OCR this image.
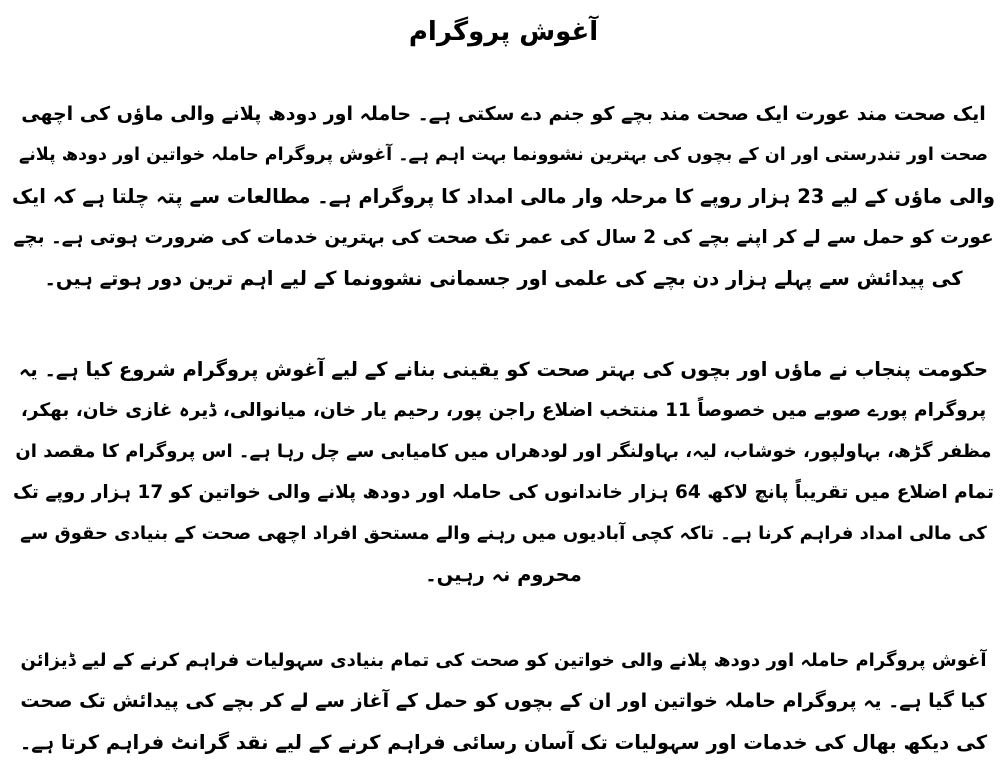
آغوش پروگرام
ایک صحت مند عورت ایک صحت مند بچے کو جنم دے سکتی ہے۔ حاملہ اور دودھ پلانے والی ماؤں کی اچھی
صحت اور تندرستی اور ان کے بچوں کی بہترین نشوونما بہت اہم ہے۔ آغوش پروگرام حاملہ خواتین اور دودھ پلانے
والی ماؤں کے لیے 23 ہزار روپے کا مرحلہ وار مالی امداد کا پروگرام ہے۔ مطالعات سے پتہ چلتا ہے کہ ایک
عورت کو حمل سے لے کر اپنے بچے کی 2 سال کی عمر تک صحت کی بہترین خدمات کی ضرورت ہوتی ہے۔ بچے
کی پیدائش سے پہلے ہزار دن بچے کی علمی اور جسمانی نشوونما کے لیے اہم ترین دور ہوتے ہیں۔
حکومت پنجاب نے ماؤں اور بچوں کی بہتر صحت کو یقینی بنانے کے لیے آغوش پروگرام شروع کیا ہے۔ یہ
پروگرام پورے صوبے میں خصوصاً 11 منتخب اضلاع راجن پور، رحیم یار خان، میانوالی، ڈیرہ غازی خان، بھکر،
مظفر گڑھ، بہاولپور، خوشاب، لیہ، بہاولنگر اور لودھراں میں کامیابی سے چل رہا ہے۔ اس پروگرام کا مقصد ان
تمام اضلاع میں تقریباً پانچ لاکھ 64 ہزار خاندانوں کی حاملہ اور دودھ پلانے والی خواتین کو 17 ہزار روپے تک
کی مالی امداد فراہم کرنا ہے۔ تاکہ کچی آبادیوں میں رہنے والے مستحق افراد اچھی صحت کے بنیادی حقوق سے
محروم نہ رہیں۔
آغوش پروگرام حاملہ اور دودھ پلانے والی خواتین کو صحت کی تمام بنیادی سہولیات فراہم کرنے کے لیے ڈیزائن
کیا گیا ہے۔ یہ پروگرام حاملہ خواتین اور ان کے بچوں کو حمل کے آغاز سے لے کر بچے کی پیدائش تک صحت
کی دیکھ بھال کی خدمات اور سہولیات تک آسان رسائی فراہم کرنے کے لیے نقد گرانٹ فراہم کرتا ہے۔
